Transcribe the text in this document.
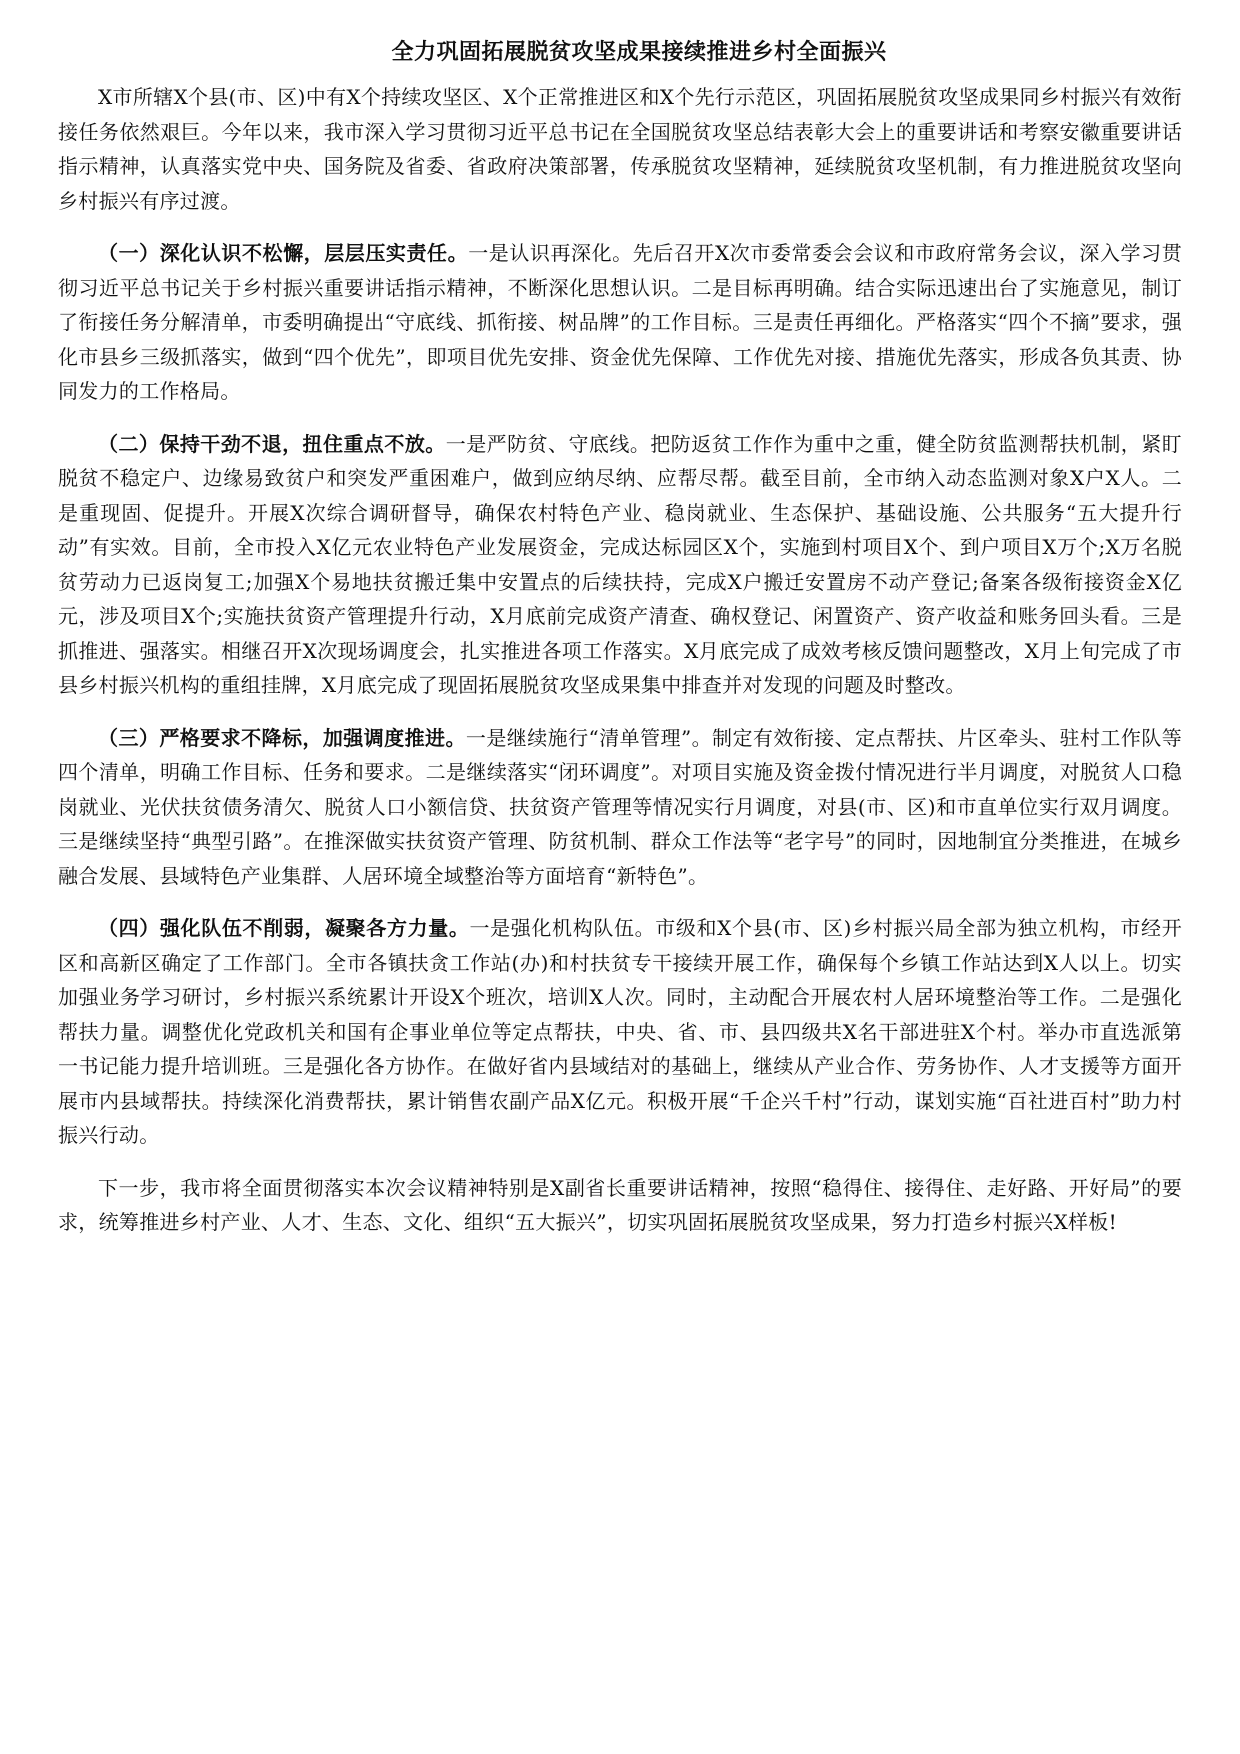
全力巩固拓展脱贫攻坚成果接续推进乡村全面振兴

X市所辖X个县(市、区)中有X个持续攻坚区、X个正常推进区和X个先行示范区，巩固拓展脱贫攻坚成果同乡村振兴有效衔接任务依然艰巨。今年以来，我市深入学习贯彻习近平总书记在全国脱贫攻坚总结表彰大会上的重要讲话和考察安徽重要讲话指示精神，认真落实党中央、国务院及省委、省政府决策部署，传承脱贫攻坚精神，延续脱贫攻坚机制，有力推进脱贫攻坚向乡村振兴有序过渡。

（一）深化认识不松懈，层层压实责任。一是认识再深化。先后召开X次市委常委会会议和市政府常务会议，深入学习贯彻习近平总书记关于乡村振兴重要讲话指示精神，不断深化思想认识。二是目标再明确。结合实际迅速出台了实施意见，制订了衔接任务分解清单，市委明确提出“守底线、抓衔接、树品牌”的工作目标。三是责任再细化。严格落实“四个不摘”要求，强化市县乡三级抓落实，做到“四个优先”，即项目优先安排、资金优先保障、工作优先对接、措施优先落实，形成各负其责、协同发力的工作格局。

（二）保持干劲不退，扭住重点不放。一是严防贫、守底线。把防返贫工作作为重中之重，健全防贫监测帮扶机制，紧盯脱贫不稳定户、边缘易致贫户和突发严重困难户，做到应纳尽纳、应帮尽帮。截至目前，全市纳入动态监测对象X户X人。二是重现固、促提升。开展X次综合调研督导，确保农村特色产业、稳岗就业、生态保护、基础设施、公共服务“五大提升行动”有实效。目前，全市投入X亿元农业特色产业发展资金，完成达标园区X个，实施到村项目X个、到户项目X万个;X万名脱贫劳动力已返岗复工;加强X个易地扶贫搬迁集中安置点的后续扶持，完成X户搬迁安置房不动产登记;备案各级衔接资金X亿元，涉及项目X个;实施扶贫资产管理提升行动，X月底前完成资产清查、确权登记、闲置资产、资产收益和账务回头看。三是抓推进、强落实。相继召开X次现场调度会，扎实推进各项工作落实。X月底完成了成效考核反馈问题整改，X月上旬完成了市县乡村振兴机构的重组挂牌，X月底完成了现固拓展脱贫攻坚成果集中排查并对发现的问题及时整改。

（三）严格要求不降标，加强调度推进。一是继续施行“清单管理”。制定有效衔接、定点帮扶、片区牵头、驻村工作队等四个清单，明确工作目标、任务和要求。二是继续落实“闭环调度”。对项目实施及资金拨付情况进行半月调度，对脱贫人口稳岗就业、光伏扶贫债务清欠、脱贫人口小额信贷、扶贫资产管理等情况实行月调度，对县(市、区)和市直单位实行双月调度。三是继续坚持“典型引路”。在推深做实扶贫资产管理、防贫机制、群众工作法等“老字号”的同时，因地制宜分类推进，在城乡融合发展、县域特色产业集群、人居环境全域整治等方面培育“新特色”。

（四）强化队伍不削弱，凝聚各方力量。一是强化机构队伍。市级和X个县(市、区)乡村振兴局全部为独立机构，市经开区和高新区确定了工作部门。全市各镇扶贪工作站(办)和村扶贫专干接续开展工作，确保每个乡镇工作站达到X人以上。切实加强业务学习研讨，乡村振兴系统累计开设X个班次，培训X人次。同时，主动配合开展农村人居环境整治等工作。二是强化帮扶力量。调整优化党政机关和国有企事业单位等定点帮扶，中央、省、市、县四级共X名干部进驻X个村。举办市直选派第一书记能力提升培训班。三是强化各方协作。在做好省内县域结对的基础上，继续从产业合作、劳务协作、人才支援等方面开展市内县域帮扶。持续深化消费帮扶，累计销售农副产品X亿元。积极开展“千企兴千村”行动，谋划实施“百社进百村”助力村振兴行动。

下一步，我市将全面贯彻落实本次会议精神特别是X副省长重要讲话精神，按照“稳得住、接得住、走好路、开好局”的要求，统筹推进乡村产业、人才、生态、文化、组织“五大振兴”，切实巩固拓展脱贫攻坚成果，努力打造乡村振兴X样板!
